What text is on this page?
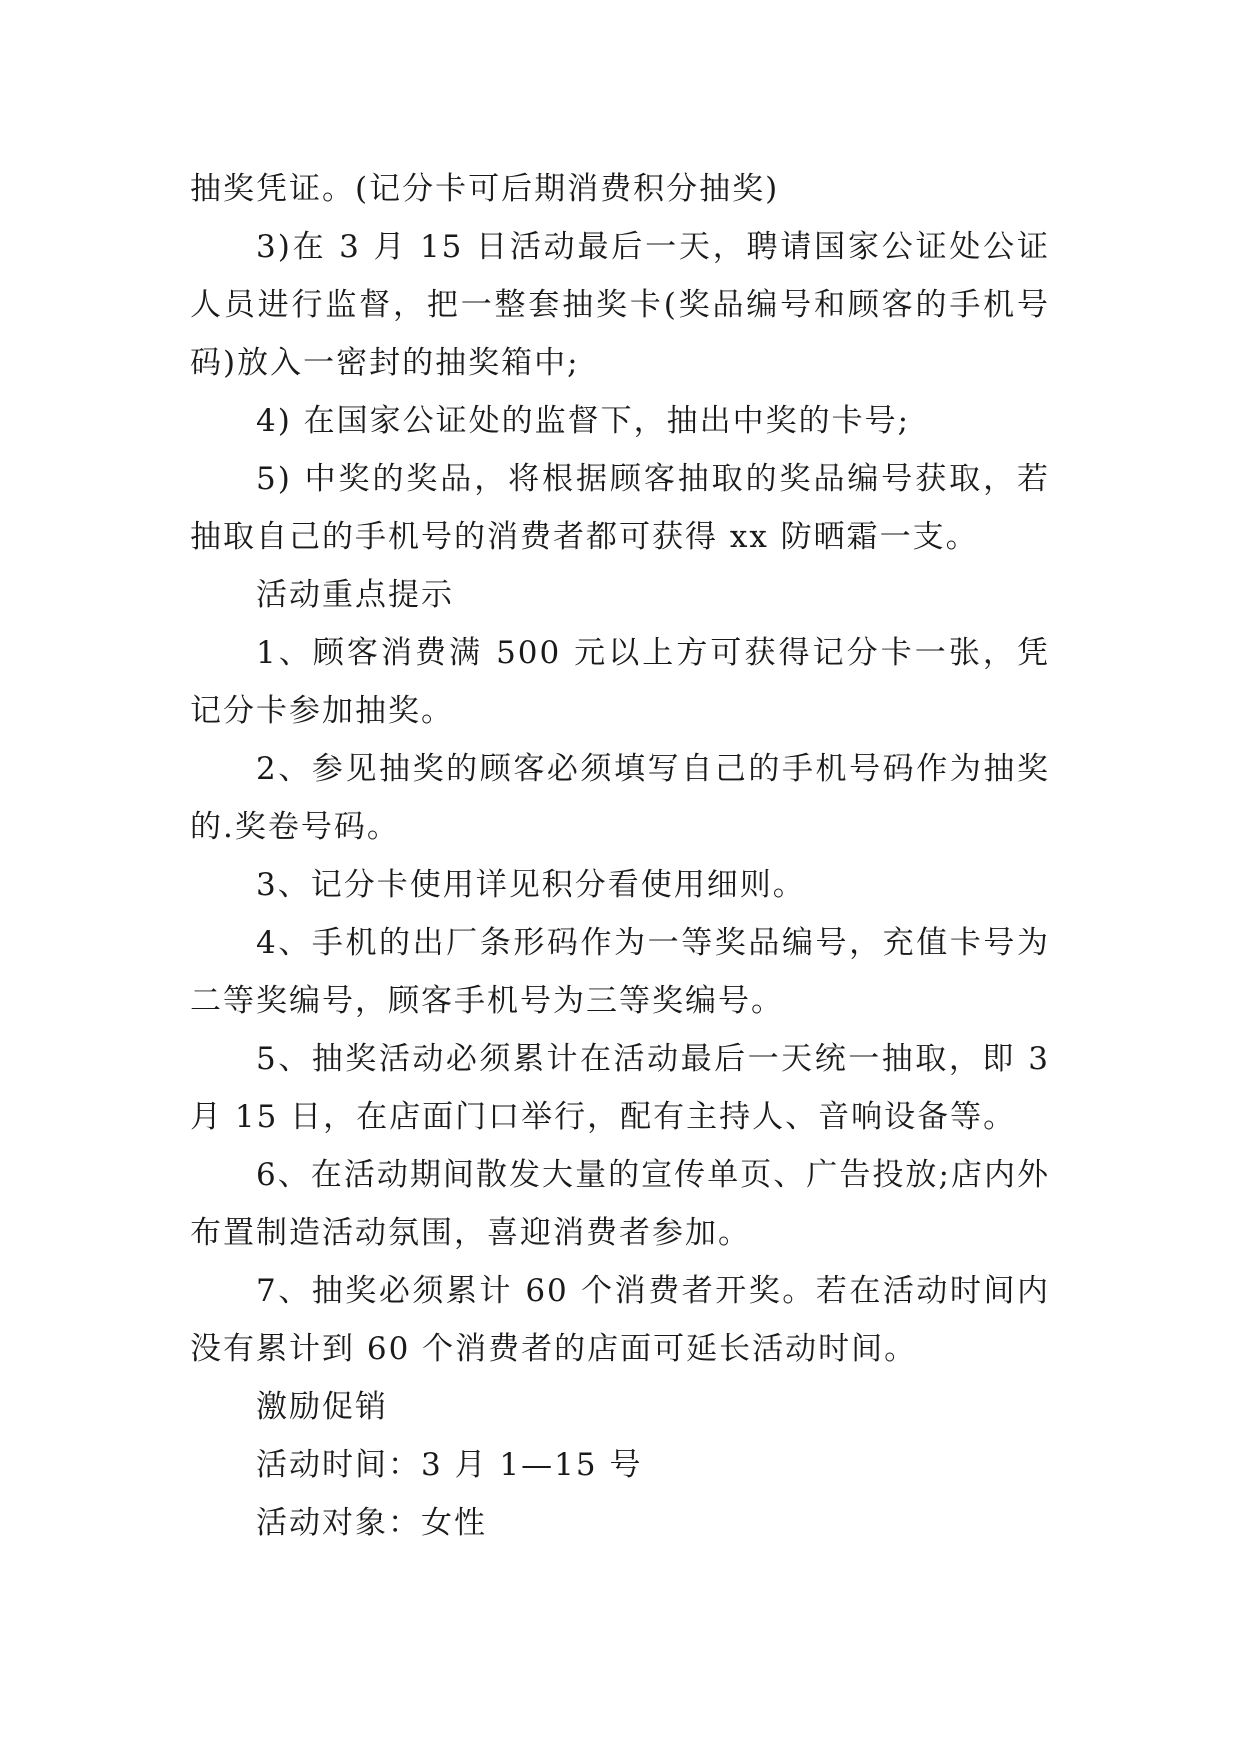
抽奖凭证。(记分卡可后期消费积分抽奖)

3)在 3 月 15 日活动最后一天，聘请国家公证处公证人员进行监督，把一整套抽奖卡(奖品编号和顾客的手机号码)放入一密封的抽奖箱中;

4) 在国家公证处的监督下，抽出中奖的卡号;

5) 中奖的奖品，将根据顾客抽取的奖品编号获取，若抽取自己的手机号的消费者都可获得 xx 防晒霜一支。

活动重点提示

1、顾客消费满 500 元以上方可获得记分卡一张，凭记分卡参加抽奖。

2、参见抽奖的顾客必须填写自己的手机号码作为抽奖的.奖卷号码。

3、记分卡使用详见积分看使用细则。

4、手机的出厂条形码作为一等奖品编号，充值卡号为二等奖编号，顾客手机号为三等奖编号。

5、抽奖活动必须累计在活动最后一天统一抽取，即 3 月 15 日，在店面门口举行，配有主持人、音响设备等。

6、在活动期间散发大量的宣传单页、广告投放;店内外布置制造活动氛围，喜迎消费者参加。

7、抽奖必须累计 60 个消费者开奖。若在活动时间内没有累计到 60 个消费者的店面可延长活动时间。

激励促销

活动时间：3 月 1—15 号

活动对象：女性
